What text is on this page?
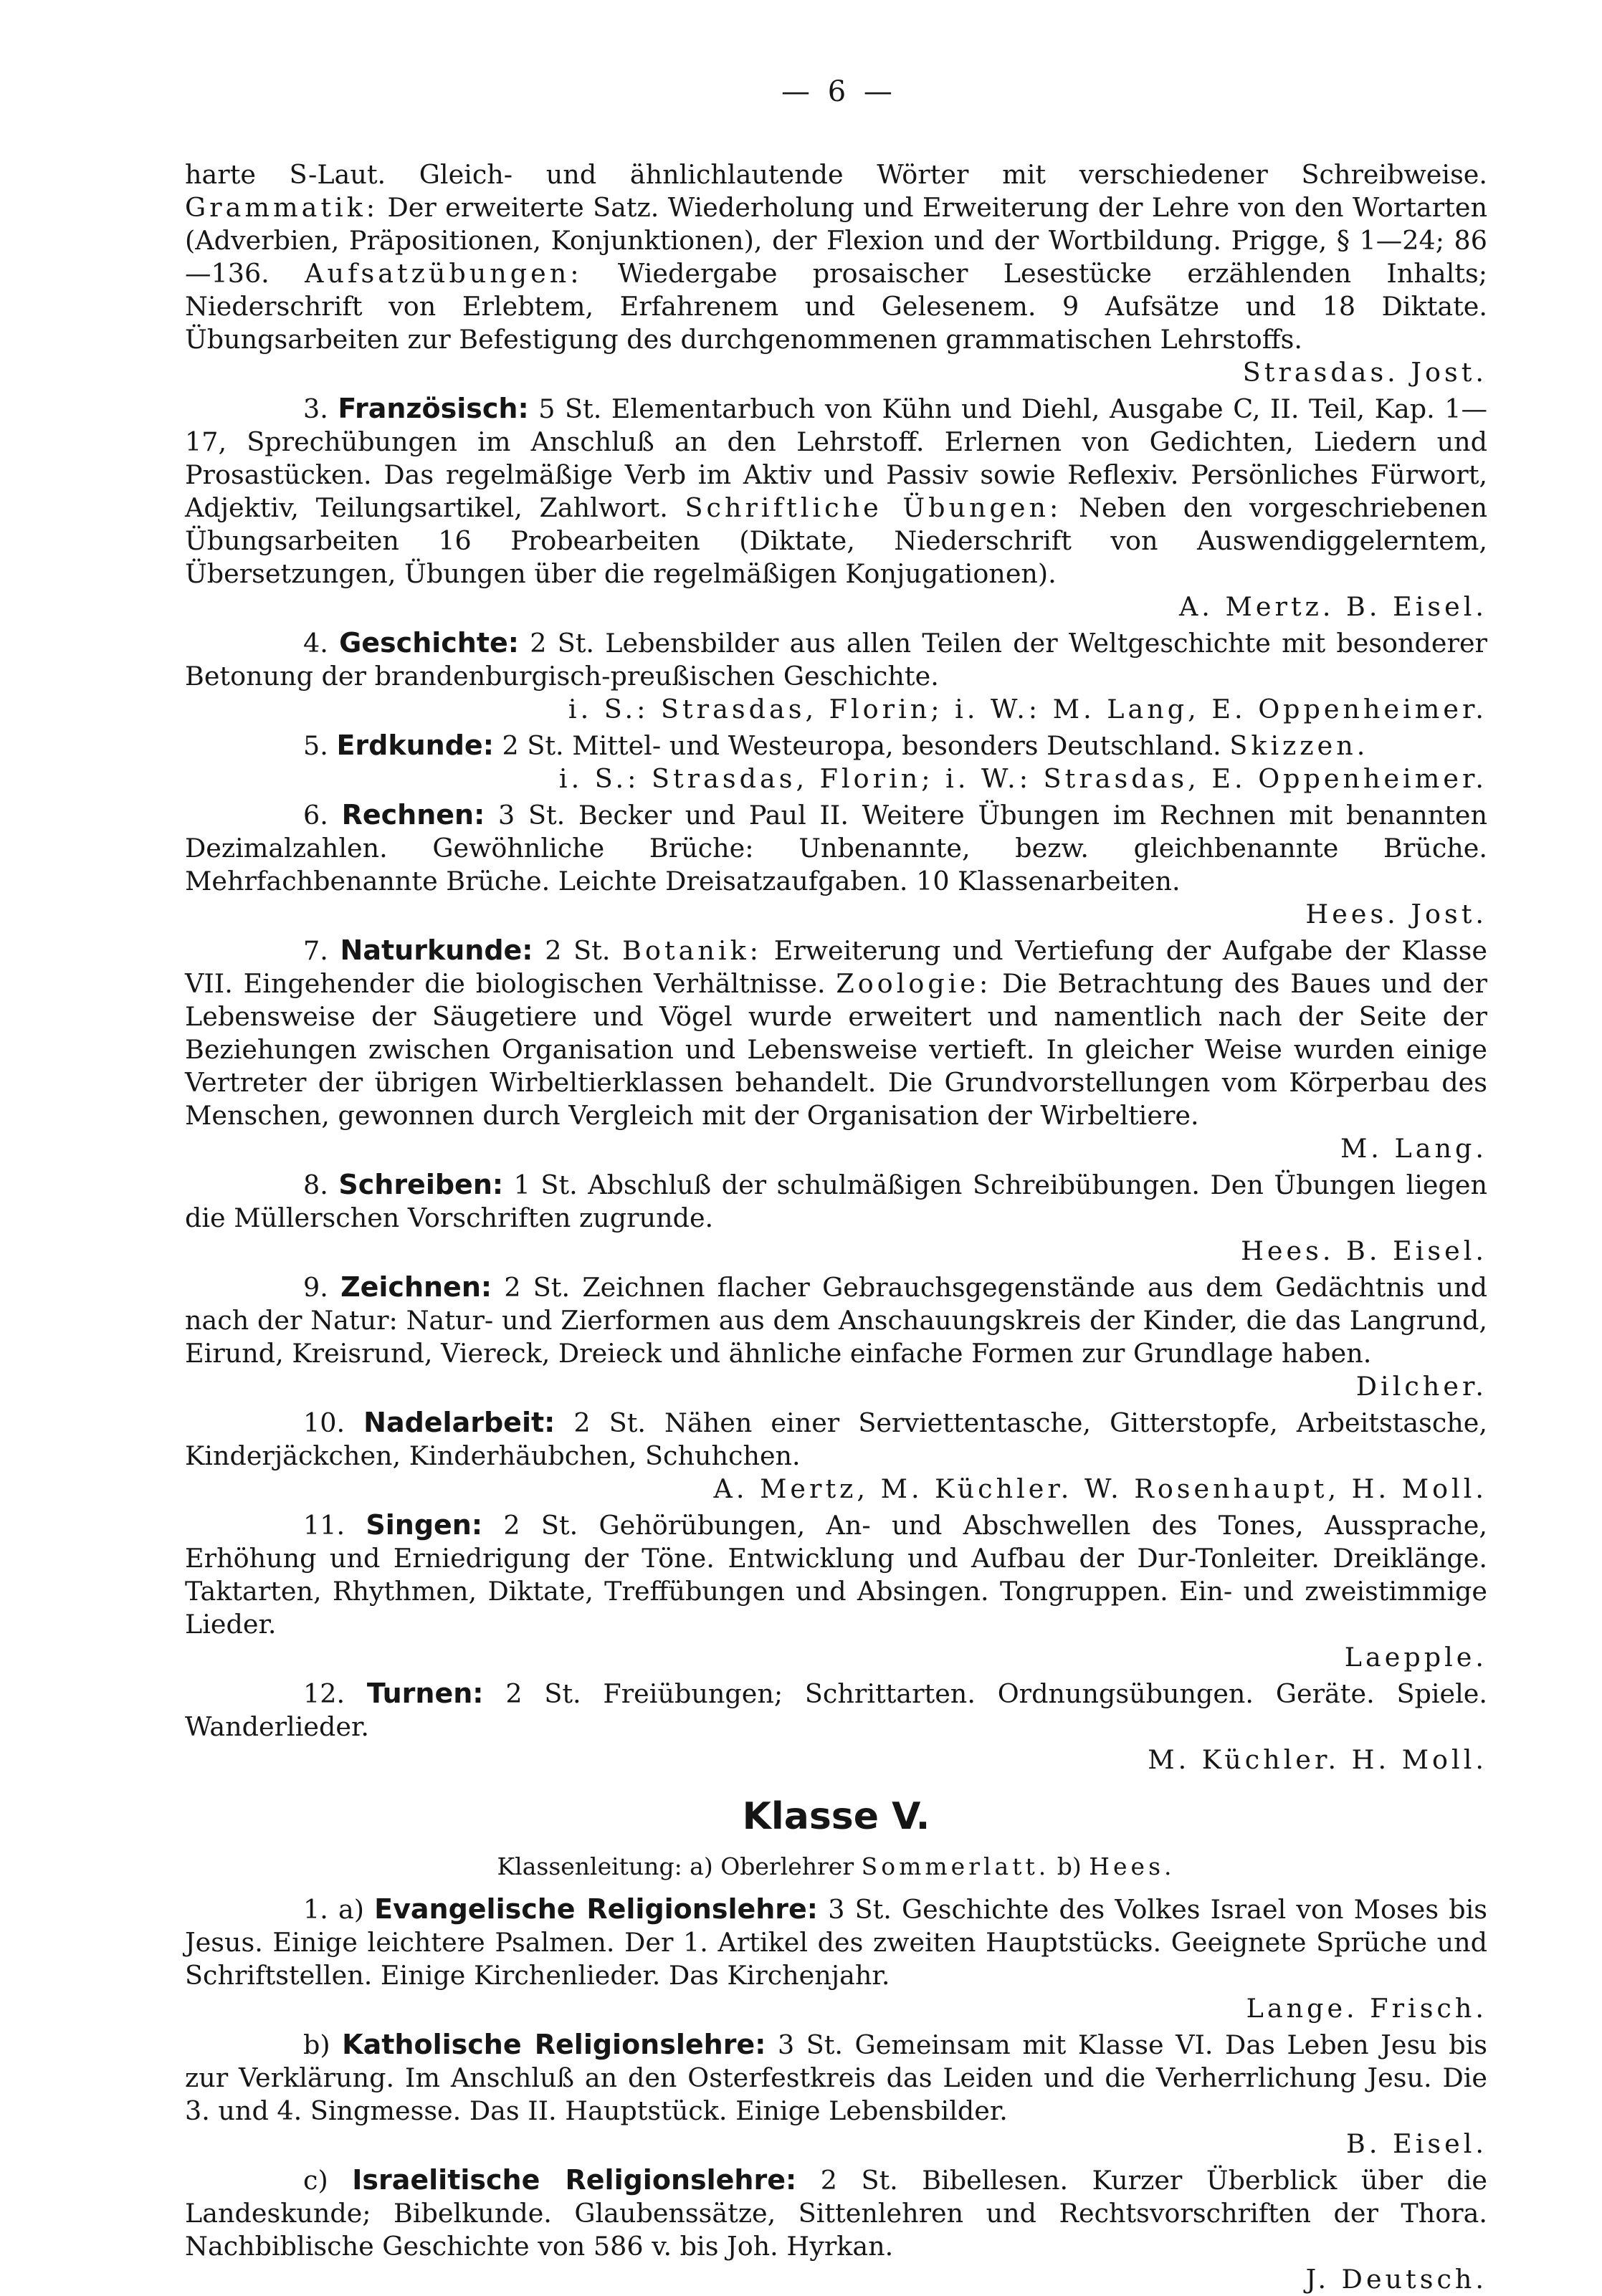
— 6 —

harte S-Laut. Gleich- und ähnlichlautende Wörter mit verschiedener Schreibweise. Grammatik: Der erweiterte Satz. Wiederholung und Erweiterung der Lehre von den Wortarten (Adverbien, Präpositionen, Konjunktionen), der Flexion und der Wortbildung. Prigge, § 1—24; 86—136. Aufsatzübungen: Wiedergabe prosaischer Lesestücke erzählenden Inhalts; Niederschrift von Erlebtem, Erfahrenem und Gelesenem. 9 Aufsätze und 18 Diktate. Übungsarbeiten zur Befestigung des durchgenommenen grammatischen Lehrstoffs.
Strasdas. Jost.

3. Französisch: 5 St. Elementarbuch von Kühn und Diehl, Ausgabe C, II. Teil, Kap. 1—17, Sprechübungen im Anschluß an den Lehrstoff. Erlernen von Gedichten, Liedern und Prosastücken. Das regelmäßige Verb im Aktiv und Passiv sowie Reflexiv. Persönliches Fürwort, Adjektiv, Teilungsartikel, Zahlwort. Schriftliche Übungen: Neben den vorgeschriebenen Übungsarbeiten 16 Probearbeiten (Diktate, Niederschrift von Auswendiggelerntem, Übersetzungen, Übungen über die regelmäßigen Konjugationen).
A. Mertz. B. Eisel.

4. Geschichte: 2 St. Lebensbilder aus allen Teilen der Weltgeschichte mit besonderer Betonung der brandenburgisch-preußischen Geschichte.
i. S.: Strasdas, Florin; i. W.: M. Lang, E. Oppenheimer.

5. Erdkunde: 2 St. Mittel- und Westeuropa, besonders Deutschland. Skizzen.
i. S.: Strasdas, Florin; i. W.: Strasdas, E. Oppenheimer.

6. Rechnen: 3 St. Becker und Paul II. Weitere Übungen im Rechnen mit benannten Dezimalzahlen. Gewöhnliche Brüche: Unbenannte, bezw. gleichbenannte Brüche. Mehrfachbenannte Brüche. Leichte Dreisatzaufgaben. 10 Klassenarbeiten.
Hees. Jost.

7. Naturkunde: 2 St. Botanik: Erweiterung und Vertiefung der Aufgabe der Klasse VII. Eingehender die biologischen Verhältnisse. Zoologie: Die Betrachtung des Baues und der Lebensweise der Säugetiere und Vögel wurde erweitert und namentlich nach der Seite der Beziehungen zwischen Organisation und Lebensweise vertieft. In gleicher Weise wurden einige Vertreter der übrigen Wirbeltierklassen behandelt. Die Grundvorstellungen vom Körperbau des Menschen, gewonnen durch Vergleich mit der Organisation der Wirbeltiere.
M. Lang.

8. Schreiben: 1 St. Abschluß der schulmäßigen Schreibübungen. Den Übungen liegen die Müllerschen Vorschriften zugrunde.
Hees. B. Eisel.

9. Zeichnen: 2 St. Zeichnen flacher Gebrauchsgegenstände aus dem Gedächtnis und nach der Natur: Natur- und Zierformen aus dem Anschauungskreis der Kinder, die das Langrund, Eirund, Kreisrund, Viereck, Dreieck und ähnliche einfache Formen zur Grundlage haben.
Dilcher.

10. Nadelarbeit: 2 St. Nähen einer Serviettentasche, Gitterstopfe, Arbeitstasche, Kinderjäckchen, Kinderhäubchen, Schuhchen.
A. Mertz, M. Küchler. W. Rosenhaupt, H. Moll.

11. Singen: 2 St. Gehörübungen, An- und Abschwellen des Tones, Aussprache, Erhöhung und Erniedrigung der Töne. Entwicklung und Aufbau der Dur-Tonleiter. Dreiklänge. Taktarten, Rhythmen, Diktate, Treffübungen und Absingen. Tongruppen. Ein- und zweistimmige Lieder.
Laepple.

12. Turnen: 2 St. Freiübungen; Schrittarten. Ordnungsübungen. Geräte. Spiele. Wanderlieder.
M. Küchler. H. Moll.

Klasse V.
Klassenleitung: a) Oberlehrer Sommerlatt. b) Hees.

1. a) Evangelische Religionslehre: 3 St. Geschichte des Volkes Israel von Moses bis Jesus. Einige leichtere Psalmen. Der 1. Artikel des zweiten Hauptstücks. Geeignete Sprüche und Schriftstellen. Einige Kirchenlieder. Das Kirchenjahr.
Lange. Frisch.

b) Katholische Religionslehre: 3 St. Gemeinsam mit Klasse VI. Das Leben Jesu bis zur Verklärung. Im Anschluß an den Osterfestkreis das Leiden und die Verherrlichung Jesu. Die 3. und 4. Singmesse. Das II. Hauptstück. Einige Lebensbilder.
B. Eisel.

c) Israelitische Religionslehre: 2 St. Bibellesen. Kurzer Überblick über die Landeskunde; Bibelkunde. Glaubenssätze, Sittenlehren und Rechtsvorschriften der Thora. Nachbiblische Geschichte von 586 v. bis Joh. Hyrkan.
J. Deutsch.
